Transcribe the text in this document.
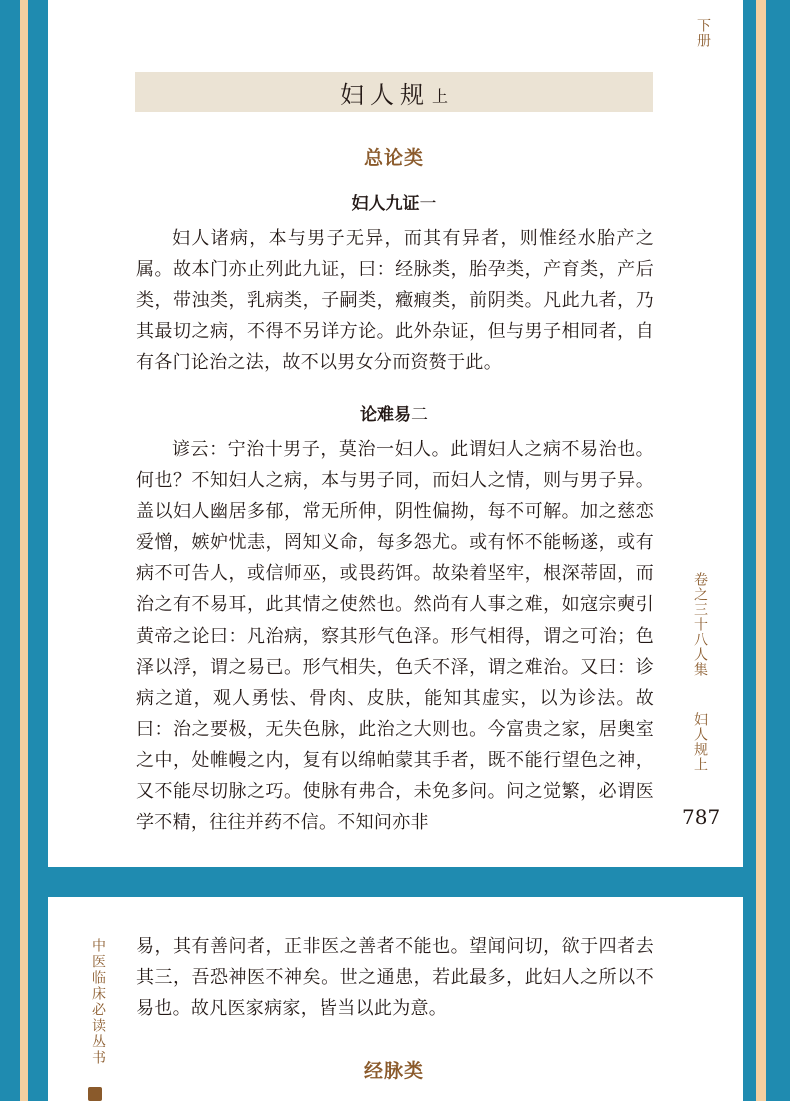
下册
妇人规 上
总论类
妇人九证一

妇人诸病，本与男子无异，而其有异者，则惟经水胎产之属。故本门亦止列此九证，曰：经脉类，胎孕类，产育类，产后类，带浊类，乳病类，子嗣类，癥瘕类，前阴类。凡此九者，乃其最切之病，不得不另详方论。此外杂证，但与男子相同者，自有各门论治之法，故不以男女分而资赘于此。

论难易二

谚云：宁治十男子，莫治一妇人。此谓妇人之病不易治也。何也？不知妇人之病，本与男子同，而妇人之情，则与男子异。盖以妇人幽居多郁，常无所伸，阴性偏拗，每不可解。加之慈恋爱憎，嫉妒忧恚，罔知义命，每多怨尤。或有怀不能畅遂，或有病不可告人，或信师巫，或畏药饵。故染着坚牢，根深蒂固，而治之有不易耳，此其情之使然也。然尚有人事之难，如寇宗奭引黄帝之论曰：凡治病，察其形气色泽。形气相得，谓之可治；色泽以浮，谓之易已。形气相失，色夭不泽，谓之难治。又曰：诊病之道，观人勇怯、骨肉、皮肤，能知其虚实，以为诊法。故曰：治之要极，无失色脉，此治之大则也。今富贵之家，居奥室之中，处帷幔之内，复有以绵帕蒙其手者，既不能行望色之神，又不能尽切脉之巧。使脉有弗合，未免多问。问之觉繁，必谓医学不精，往往并药不信。不知问亦非

卷之三十八人集
妇人规上
787

易，其有善问者，正非医之善者不能也。望闻问切，欲于四者去其三，吾恐神医不神矣。世之通患，若此最多，此妇人之所以不易也。故凡医家病家，皆当以此为意。

经脉类
中医临床必读丛书
